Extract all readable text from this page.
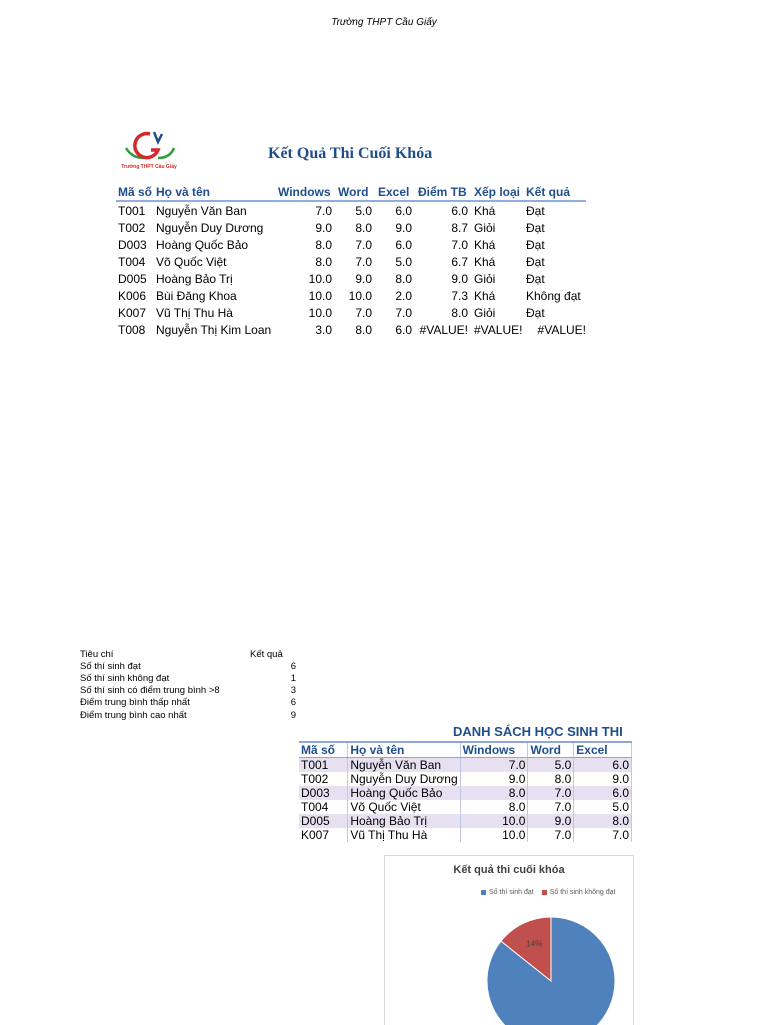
Trường THPT Cầu Giấy
Trường THPT Cầu Giấy
Kết Quả Thi Cuối Khóa
Mã số	Họ và tên	Windows	Word	Excel	Điểm TB	Xếp loại	Kết quả
T001	Nguyễn Văn Ban	7.0	5.0	6.0	6.0	Khá	Đạt
T002	Nguyễn Duy Dương	9.0	8.0	9.0	8.7	Giỏi	Đạt
D003	Hoàng Quốc Bảo	8.0	7.0	6.0	7.0	Khá	Đạt
T004	Võ Quốc Việt	8.0	7.0	5.0	6.7	Khá	Đạt
D005	Hoàng Bảo Trị	10.0	9.0	8.0	9.0	Giỏi	Đạt
K006	Bùi Đăng Khoa	10.0	10.0	2.0	7.3	Khá	Không đạt
K007	Vũ Thị Thu Hà	10.0	7.0	7.0	8.0	Giỏi	Đạt
T008	Nguyễn Thị Kim Loan	3.0	8.0	6.0	#VALUE!	#VALUE!	#VALUE!
Tiêu chí	Kết quả
Số thí sinh đạt	6
Số thí sinh không đạt	1
Số thí sinh có điểm trung bình >8	3
Điểm trung bình thấp nhất	6
Điểm trung bình cao nhất	9
DANH SÁCH HỌC SINH THI
Mã số	Họ và tên	Windows	Word	Excel
T001	Nguyễn Văn Ban	7.0	5.0	6.0
T002	Nguyễn Duy Dương	9.0	8.0	9.0
D003	Hoàng Quốc Bảo	8.0	7.0	6.0
T004	Võ Quốc Việt	8.0	7.0	5.0
D005	Hoàng Bảo Trị	10.0	9.0	8.0
K007	Vũ Thị Thu Hà	10.0	7.0	7.0
Kết quả thi cuối khóa
Số thí sinh đạt Số thí sinh không đạt
14%
